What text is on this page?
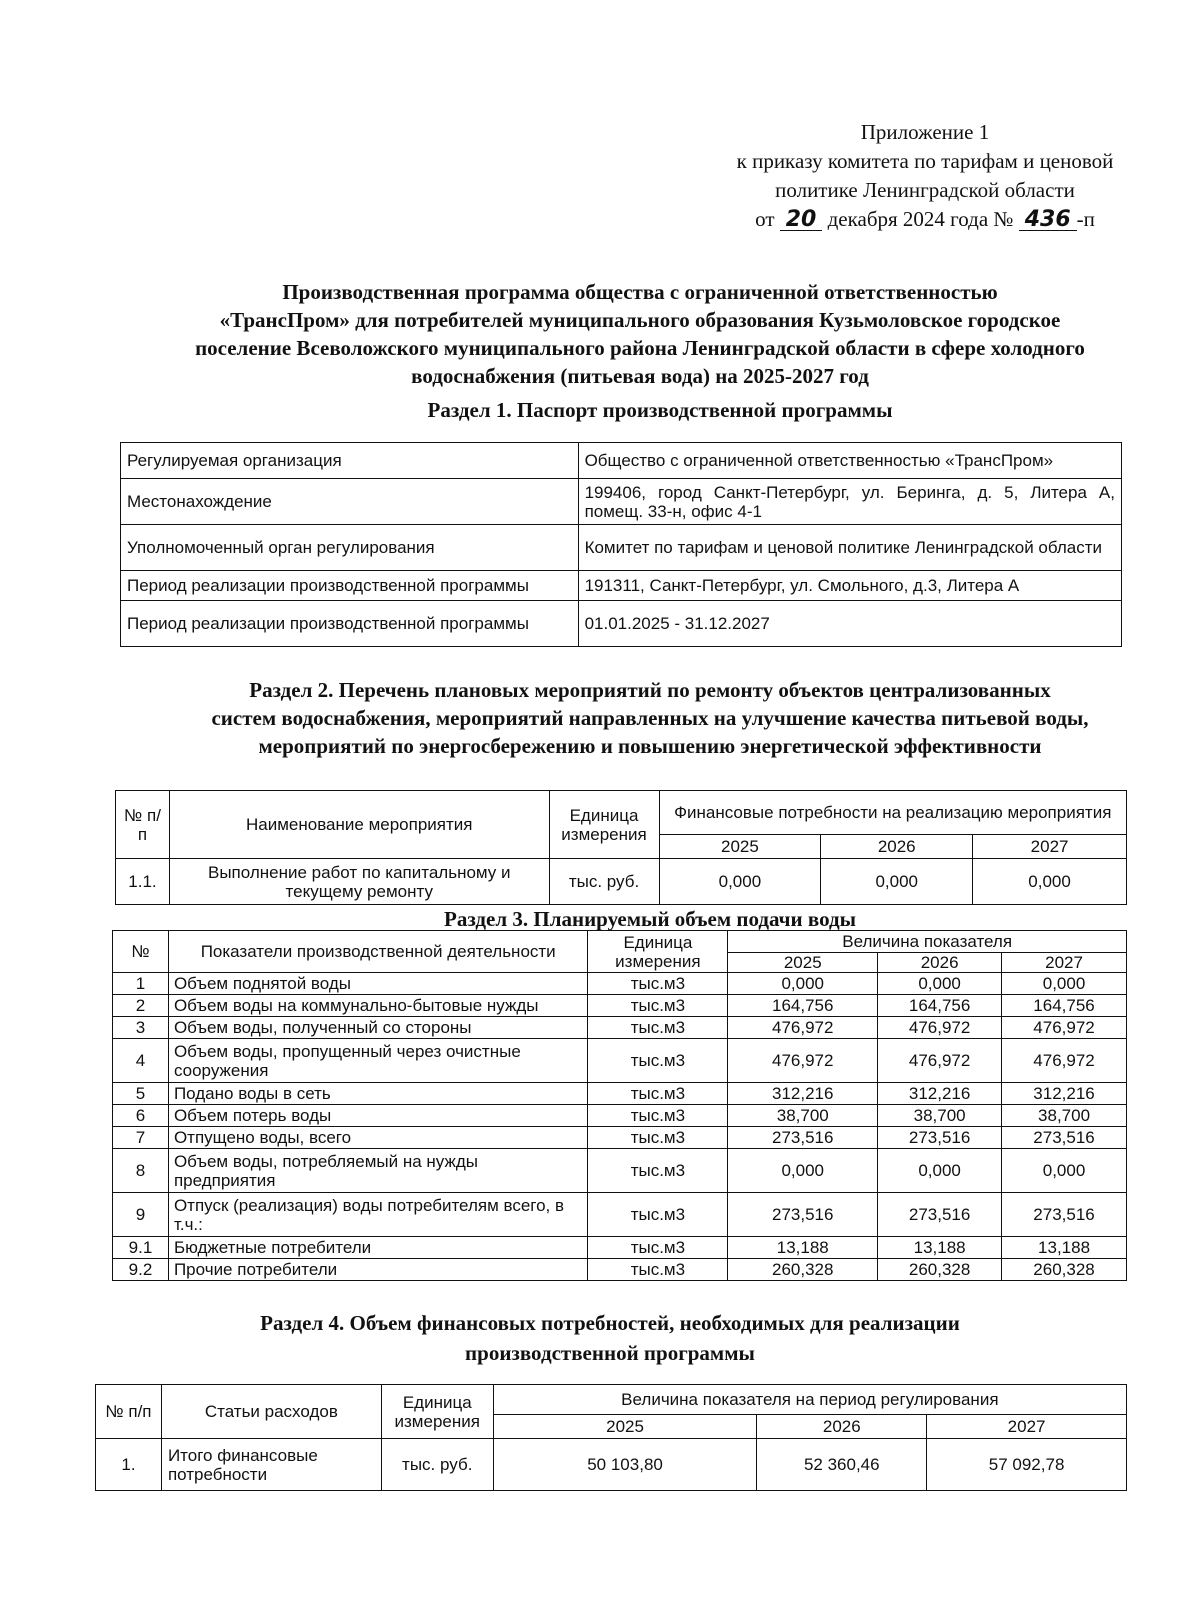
Приложение 1
к приказу комитета по тарифам и ценовой
политике Ленинградской области
от 20 декабря 2024 года № 436 -п
Производственная программа общества с ограниченной ответственностью
«ТрансПром» для потребителей муниципального образования Кузьмоловское городское
поселение Всеволожского муниципального района Ленинградской области в сфере холодного
водоснабжения (питьевая вода) на 2025-2027 год
Раздел 1. Паспорт производственной программы
Регулируемая организация	Общество с ограниченной ответственностью «ТрансПром»
Местонахождение	199406, город Санкт-Петербург, ул. Беринга, д. 5, Литера А, помещ. 33-н, офис 4-1
Уполномоченный орган регулирования	Комитет по тарифам и ценовой политике Ленинградской области
Период реализации производственной программы	191311, Санкт-Петербург, ул. Смольного, д.3, Литера А
Период реализации производственной программы	01.01.2025 - 31.12.2027
Раздел 2. Перечень плановых мероприятий по ремонту объектов централизованных
систем водоснабжения, мероприятий направленных на улучшение качества питьевой воды,
мероприятий по энергосбережению и повышению энергетической эффективности
№ п/п	Наименование мероприятия	Единица измерения	Финансовые потребности на реализацию мероприятия		
			2025	2026	2027
1.1.	Выполнение работ по капитальному и текущему ремонту	тыс. руб.	0,000	0,000	0,000
Раздел 3. Планируемый объем подачи воды
№	Показатели производственной деятельности	Единица измерения	Величина показателя		
			2025	2026	2027
1	Объем поднятой воды	тыс.м3	0,000	0,000	0,000
2	Объем воды на коммунально-бытовые нужды	тыс.м3	164,756	164,756	164,756
3	Объем воды, полученный со стороны	тыс.м3	476,972	476,972	476,972
4	Объем воды, пропущенный через очистные сооружения	тыс.м3	476,972	476,972	476,972
5	Подано воды в сеть	тыс.м3	312,216	312,216	312,216
6	Объем потерь воды	тыс.м3	38,700	38,700	38,700
7	Отпущено воды, всего	тыс.м3	273,516	273,516	273,516
8	Объем воды, потребляемый на нужды предприятия	тыс.м3	0,000	0,000	0,000
9	Отпуск (реализация) воды потребителям всего, в т.ч.:	тыс.м3	273,516	273,516	273,516
9.1	Бюджетные потребители	тыс.м3	13,188	13,188	13,188
9.2	Прочие потребители	тыс.м3	260,328	260,328	260,328
Раздел 4. Объем финансовых потребностей, необходимых для реализации
производственной программы
№ п/п	Статьи расходов	Единица измерения	Величина показателя на период регулирования		
			2025	2026	2027
1.	Итого финансовые потребности	тыс. руб.	50 103,80	52 360,46	57 092,78
